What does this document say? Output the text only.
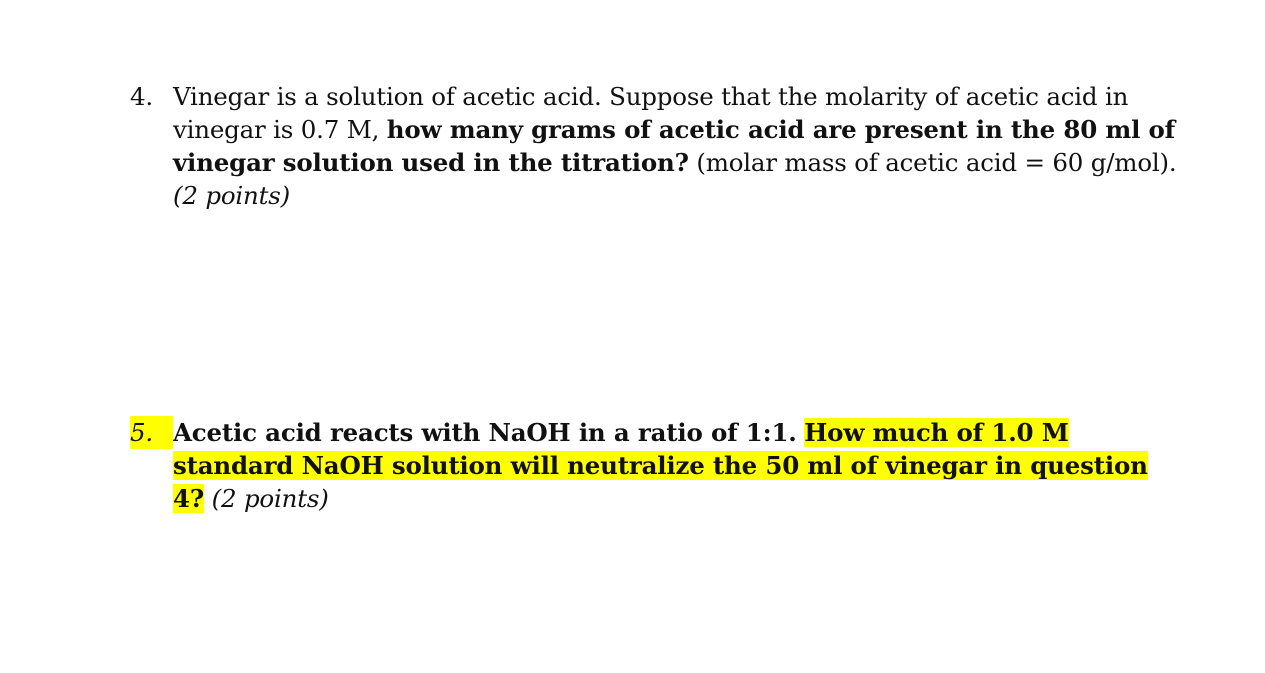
4. Vinegar is a solution of acetic acid. Suppose that the molarity of acetic acid in vinegar is 0.7 M, how many grams of acetic acid are present in the 80 ml of vinegar solution used in the titration? (molar mass of acetic acid = 60 g/mol).
(2 points)
5. Acetic acid reacts with NaOH in a ratio of 1:1. How much of 1.0 M standard NaOH solution will neutralize the 50 ml of vinegar in question 4? (2 points)
